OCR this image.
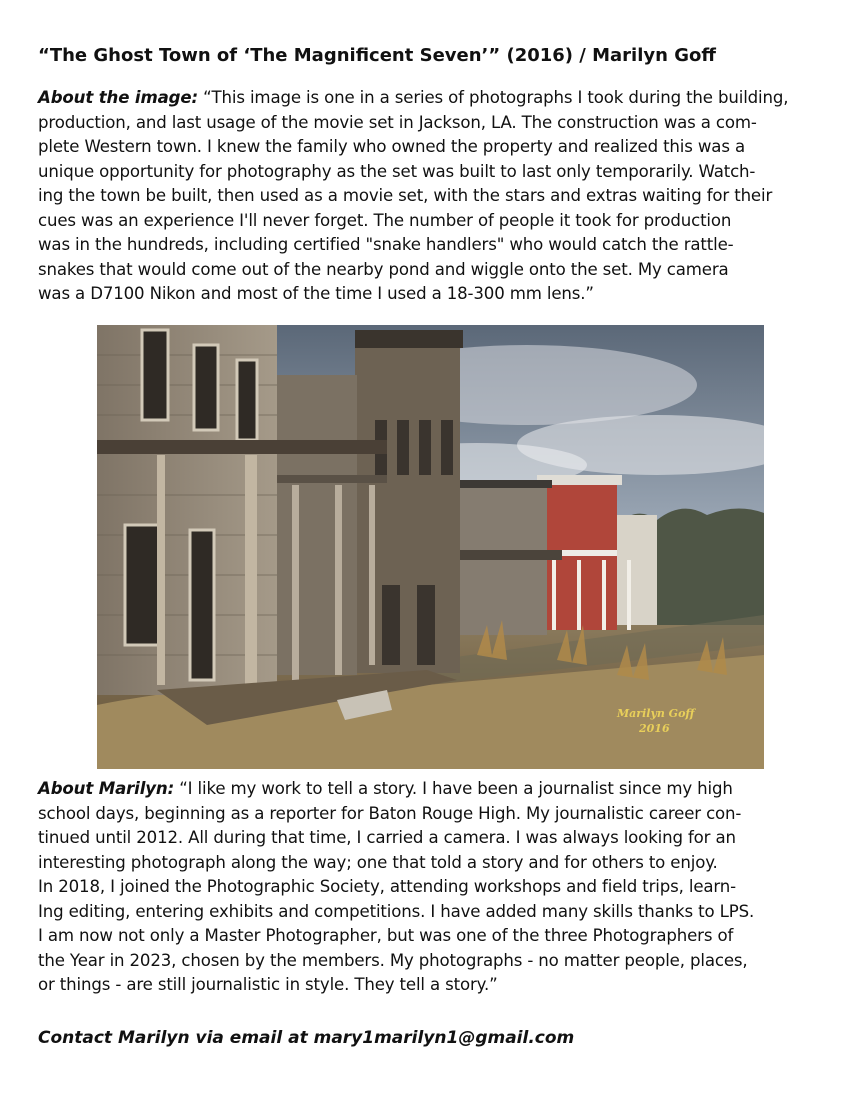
“The Ghost Town of ‘The Magnificent Seven’” (2016) / Marilyn Goff
About the image: “This image is one in a series of photographs I took during the building,
production, and last usage of the movie set in Jackson, LA. The construction was a com-
plete Western town. I knew the family who owned the property and realized this was a
unique opportunity for photography as the set was built to last only temporarily. Watch-
ing the town be built, then used as a movie set, with the stars and extras waiting for their
cues was an experience I'll never forget. The number of people it took for production
was in the hundreds, including certified "snake handlers" who would catch the rattle-
snakes that would come out of the nearby pond and wiggle onto the set. My camera
was a D7100 Nikon and most of the time I used a 18-300 mm lens.”
Marilyn Goff
2016
About Marilyn: “I like my work to tell a story. I have been a journalist since my high
school days, beginning as a reporter for Baton Rouge High. My journalistic career con-
tinued until 2012. All during that time, I carried a camera. I was always looking for an
interesting photograph along the way; one that told a story and for others to enjoy.
In 2018, I joined the Photographic Society, attending workshops and field trips, learn-
Ing editing, entering exhibits and competitions. I have added many skills thanks to LPS.
I am now not only a Master Photographer, but was one of the three Photographers of
the Year in 2023, chosen by the members. My photographs - no matter people, places,
or things - are still journalistic in style. They tell a story.”
Contact Marilyn via email at mary1marilyn1@gmail.com
